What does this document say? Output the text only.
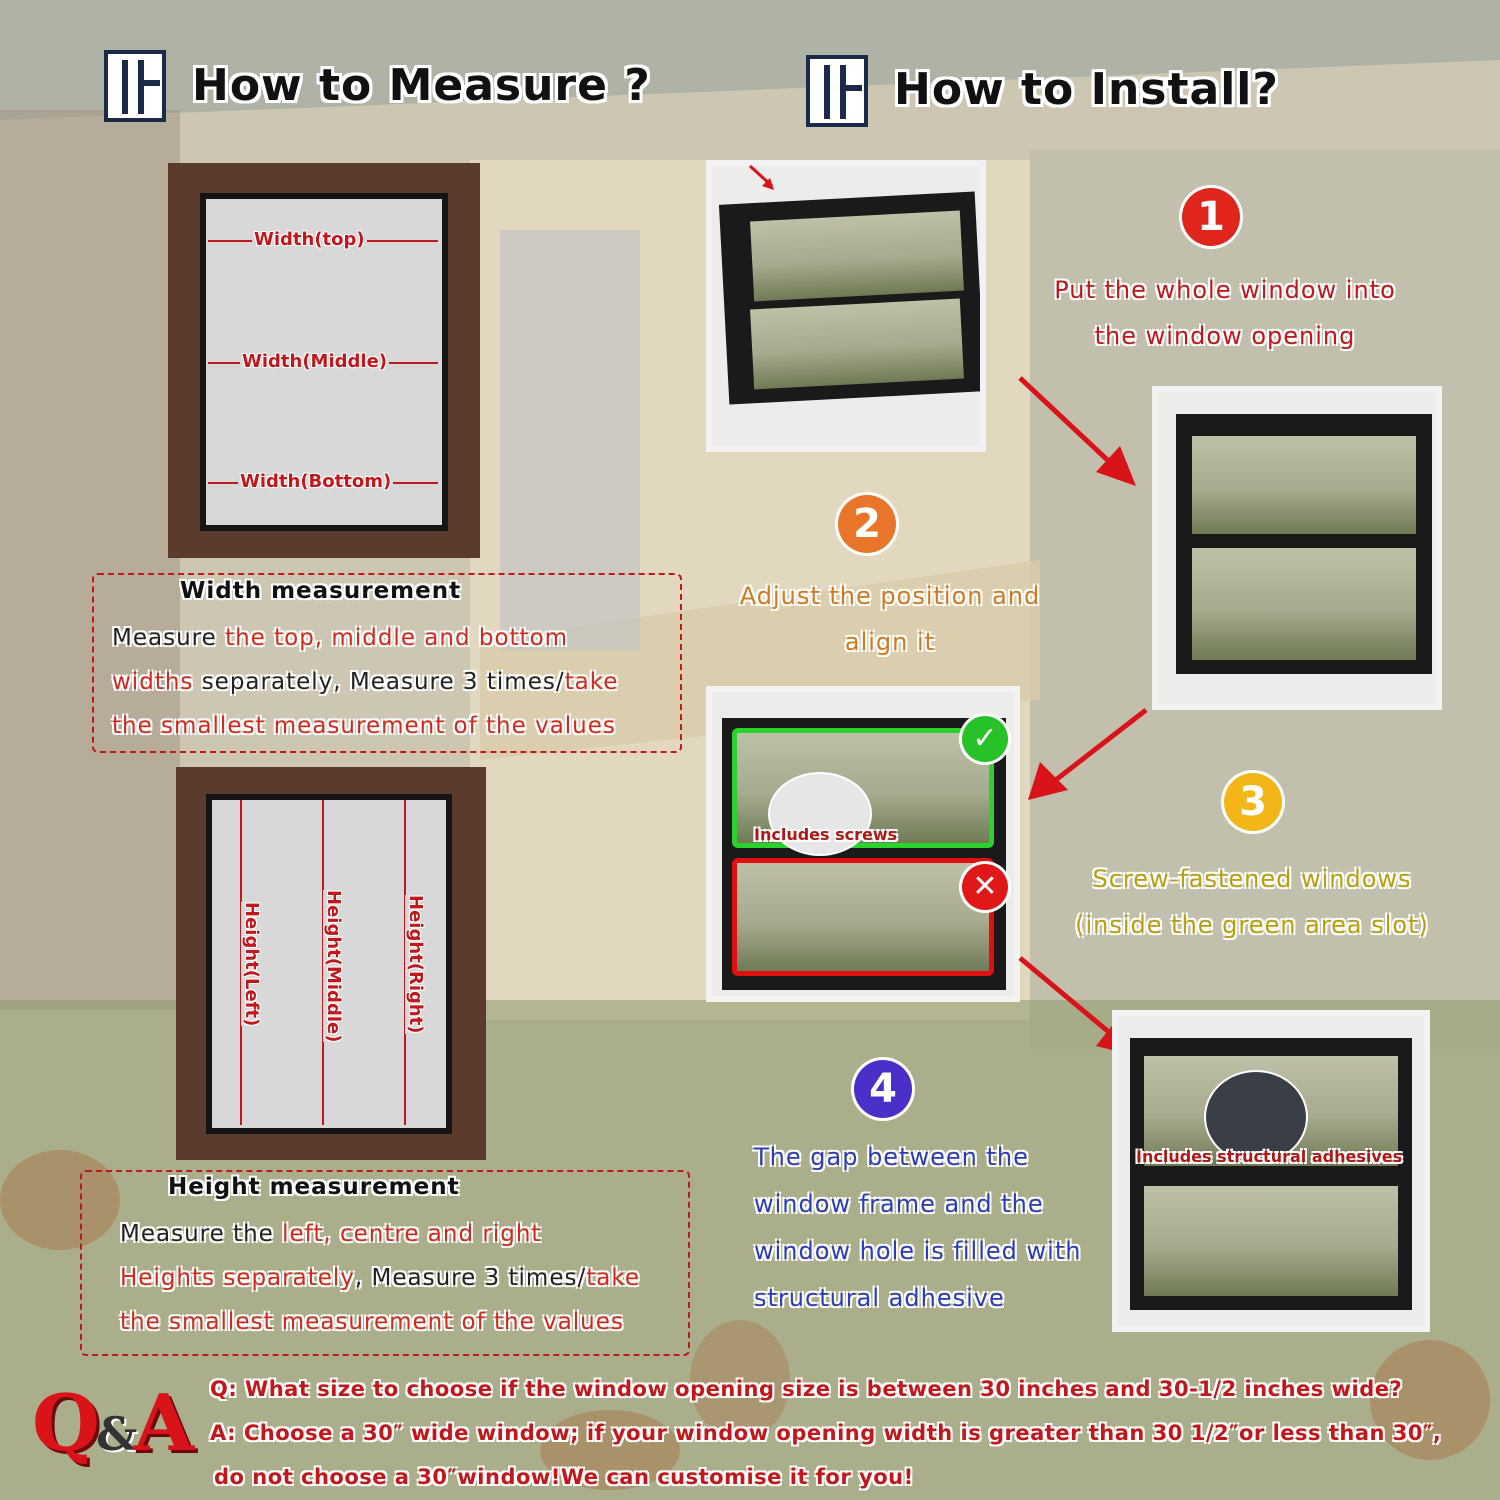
How to Measure ?
Width(top)
Width(Middle)
Width(Bottom)
Width measurement
Measure the top, middle and bottom
widths separately, Measure 3 times/take
the smallest measurement of the values
Height(Left)	Height(Middle)	Height(Right)
Height measurement
Measure the left, centre and right
Heights separately, Measure 3 times/take
the smallest measurement of the values
How to Install?
1
Put the whole window into
the window opening
2
Adjust the position and
align it
✓
✕
Includes screws
3
Screw-fastened windows
(inside the green area slot)
Includes structural adhesives
4
The gap between the
window frame and the
window hole is filled with
structural adhesive
Q&A Q: What size to choose if the window opening size is between 30 inches and 30-1/2 inches wide?
A: Choose a 30″ wide window; if your window opening width is greater than 30 1/2″or less than 30″,
do not choose a 30″window!We can customise it for you!
